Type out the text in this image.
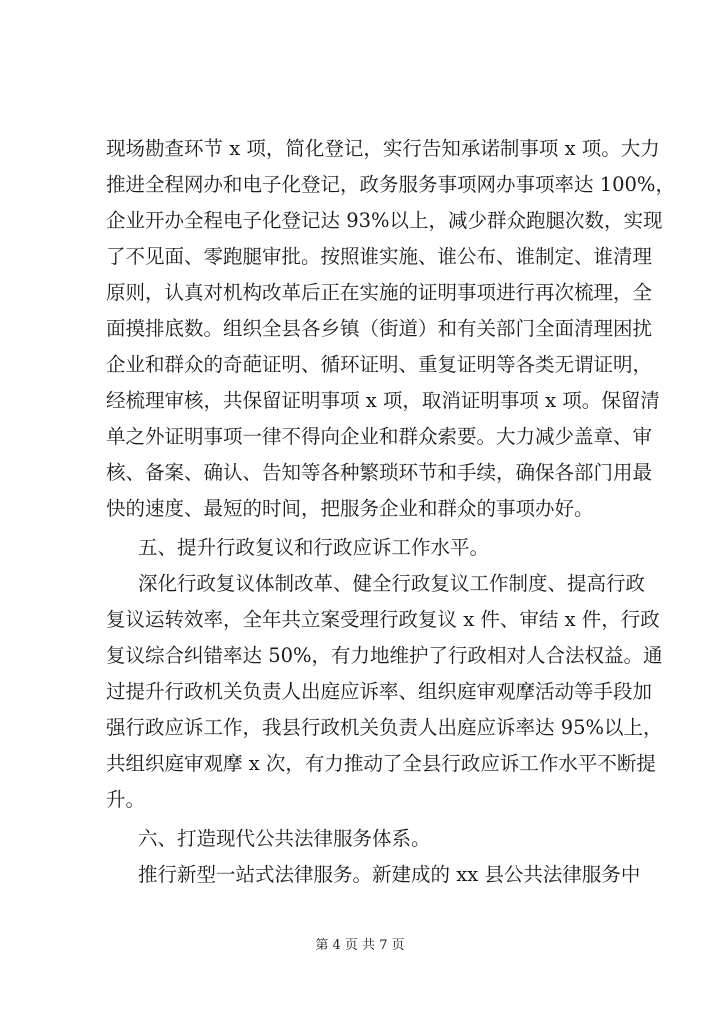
现场勘查环节 x 项，简化登记，实行告知承诺制事项 x 项。大力
推进全程网办和电子化登记，政务服务事项网办事项率达 100%，
企业开办全程电子化登记达 93%以上，减少群众跑腿次数，实现
了不见面、零跑腿审批。按照谁实施、谁公布、谁制定、谁清理
原则，认真对机构改革后正在实施的证明事项进行再次梳理，全
面摸排底数。组织全县各乡镇（街道）和有关部门全面清理困扰
企业和群众的奇葩证明、循环证明、重复证明等各类无谓证明，
经梳理审核，共保留证明事项 x 项，取消证明事项 x 项。保留清
单之外证明事项一律不得向企业和群众索要。大力减少盖章、审
核、备案、确认、告知等各种繁琐环节和手续，确保各部门用最
快的速度、最短的时间，把服务企业和群众的事项办好。
五、提升行政复议和行政应诉工作水平。
深化行政复议体制改革、健全行政复议工作制度、提高行政
复议运转效率，全年共立案受理行政复议 x 件、审结 x 件，行政
复议综合纠错率达 50%，有力地维护了行政相对人合法权益。通
过提升行政机关负责人出庭应诉率、组织庭审观摩活动等手段加
强行政应诉工作，我县行政机关负责人出庭应诉率达 95%以上，
共组织庭审观摩 x 次，有力推动了全县行政应诉工作水平不断提
升。
六、打造现代公共法律服务体系。
推行新型一站式法律服务。新建成的 xx 县公共法律服务中
第 4 页 共 7 页
